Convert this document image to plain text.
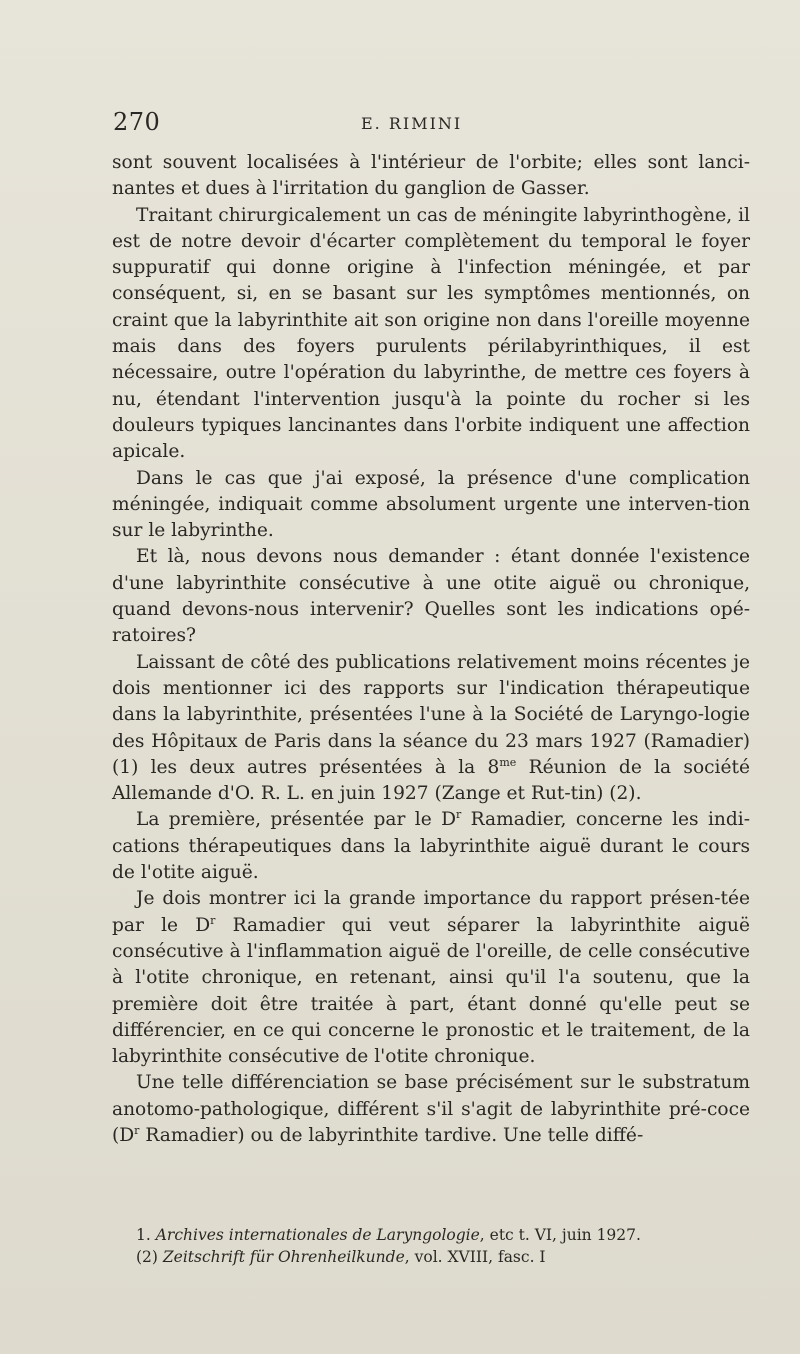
270	E. RIMINI

sont souvent localisées à l'intérieur de l'orbite; elles sont lanci-nantes et dues à l'irritation du ganglion de Gasser.

Traitant chirurgicalement un cas de méningite labyrinthogène, il est de notre devoir d'écarter complètement du temporal le foyer suppuratif qui donne origine à l'infection méningée, et par conséquent, si, en se basant sur les symptômes mentionnés, on craint que la labyrinthite ait son origine non dans l'oreille moyenne mais dans des foyers purulents périlabyrinthiques, il est nécessaire, outre l'opération du labyrinthe, de mettre ces foyers à nu, étendant l'intervention jusqu'à la pointe du rocher si les douleurs typiques lancinantes dans l'orbite indiquent une affection apicale.

Dans le cas que j'ai exposé, la présence d'une complication méningée, indiquait comme absolument urgente une interven-tion sur le labyrinthe.

Et là, nous devons nous demander : étant donnée l'existence d'une labyrinthite consécutive à une otite aiguë ou chronique, quand devons-nous intervenir? Quelles sont les indications opé-ratoires?

Laissant de côté des publications relativement moins récentes je dois mentionner ici des rapports sur l'indication thérapeutique dans la labyrinthite, présentées l'une à la Société de Laryngo-logie des Hôpitaux de Paris dans la séance du 23 mars 1927 (Ramadier) (1) les deux autres présentées à la $8^{me}$ Réunion de la société Allemande d'O. R. L. en juin 1927 (Zange et Rut-tin) (2).

La première, présentée par le $D^r$ Ramadier, concerne les indi-cations thérapeutiques dans la labyrinthite aiguë durant le cours de l'otite aiguë.

Je dois montrer ici la grande importance du rapport présen-tée par le $D^r$ Ramadier qui veut séparer la labyrinthite aiguë consécutive à l'inflammation aiguë de l'oreille, de celle consécutive à l'otite chronique, en retenant, ainsi qu'il l'a soutenu, que la première doit être traitée à part, étant donné qu'elle peut se différencier, en ce qui concerne le pronostic et le traitement, de la labyrinthite consécutive de l'otite chronique.

Une telle différenciation se base précisément sur le substratum anotomo-pathologique, différent s'il s'agit de labyrinthite pré-coce ($D^r$ Ramadier) ou de labyrinthite tardive. Une telle diffé-

1. Archives internationales de Laryngologie, etc t. VI, juin 1927.

(2) Zeitschrift für Ohrenheilkunde, vol. XVIII, fasc. I
